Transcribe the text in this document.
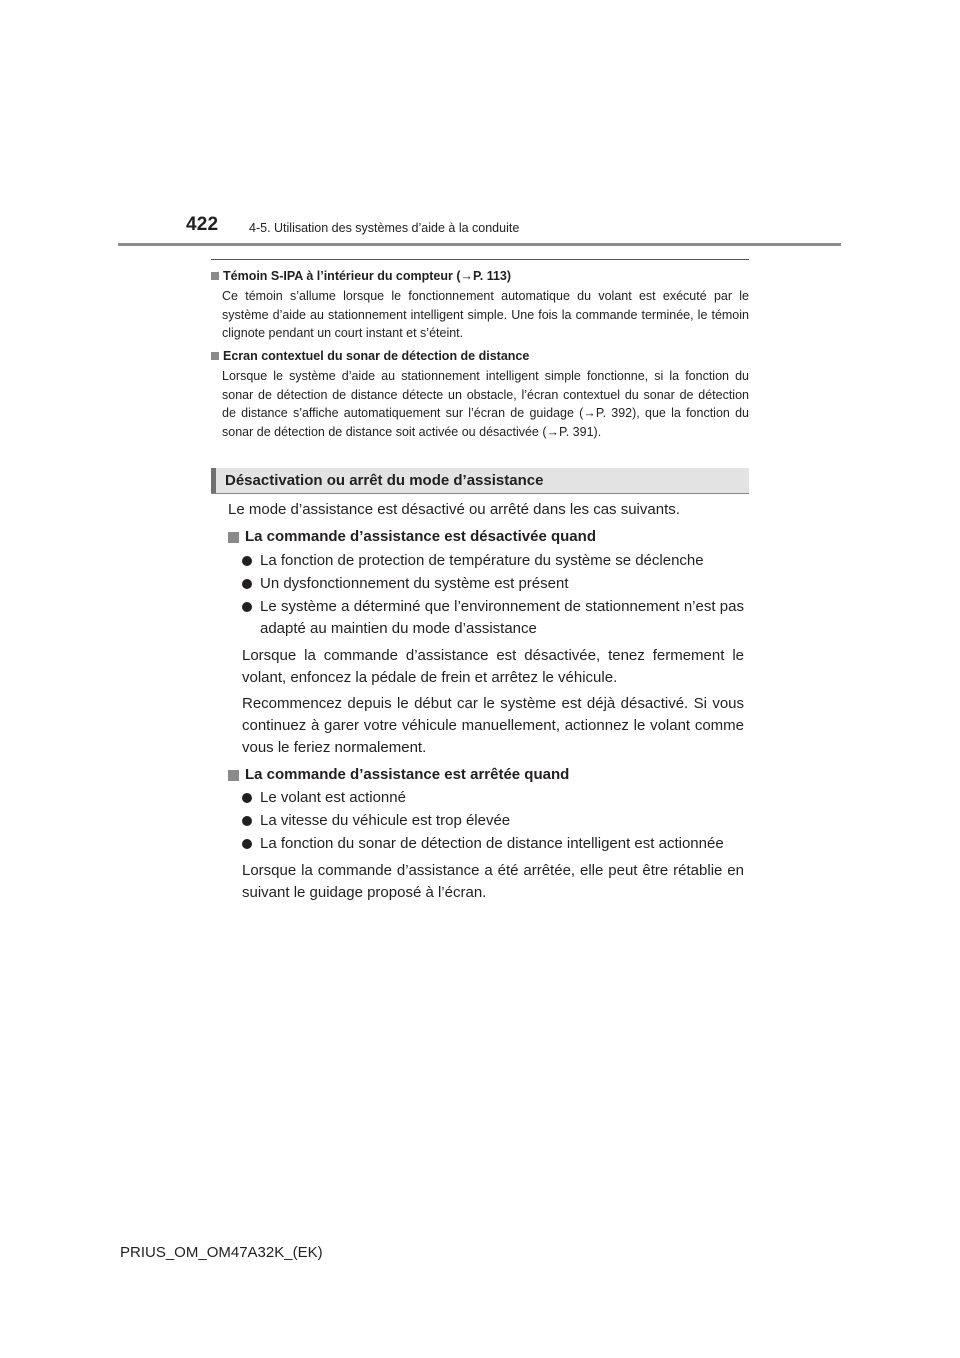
422 4-5. Utilisation des systèmes d’aide à la conduite
Témoin S-IPA à l’intérieur du compteur (→P. 113)
Ce témoin s’allume lorsque le fonctionnement automatique du volant est exécuté par le système d’aide au stationnement intelligent simple. Une fois la commande terminée, le témoin clignote pendant un court instant et s’éteint.
Ecran contextuel du sonar de détection de distance
Lorsque le système d’aide au stationnement intelligent simple fonctionne, si la fonction du sonar de détection de distance détecte un obstacle, l’écran contextuel du sonar de détection de distance s’affiche automatiquement sur l’écran de guidage (→P. 392), que la fonction du sonar de détection de distance soit activée ou désactivée (→P. 391).
Désactivation ou arrêt du mode d’assistance
Le mode d’assistance est désactivé ou arrêté dans les cas suivants.
La commande d’assistance est désactivée quand
La fonction de protection de température du système se déclenche
Un dysfonctionnement du système est présent
Le système a déterminé que l’environnement de stationnement n’est pas adapté au maintien du mode d’assistance
Lorsque la commande d’assistance est désactivée, tenez fermement le volant, enfoncez la pédale de frein et arrêtez le véhicule.
Recommencez depuis le début car le système est déjà désactivé. Si vous continuez à garer votre véhicule manuellement, actionnez le volant comme vous le feriez normalement.
La commande d’assistance est arrêtée quand
Le volant est actionné
La vitesse du véhicule est trop élevée
La fonction du sonar de détection de distance intelligent est actionnée
Lorsque la commande d’assistance a été arrêtée, elle peut être rétablie en suivant le guidage proposé à l’écran.
PRIUS_OM_OM47A32K_(EK)
